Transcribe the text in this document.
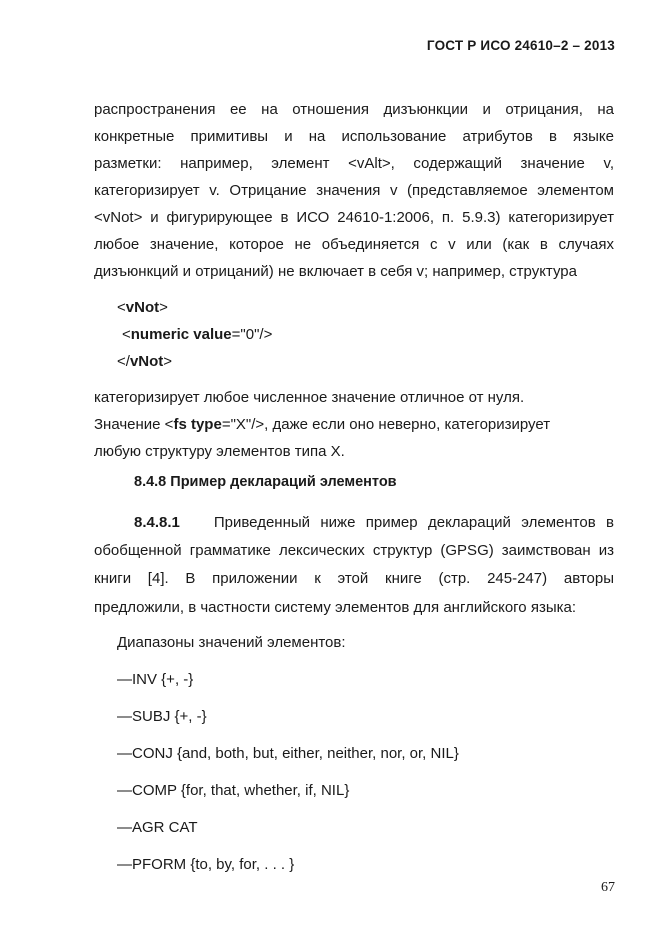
ГОСТ Р ИСО 24610–2 – 2013
распространения ее на отношения дизъюнкции и отрицания, на
конкретные примитивы и на использование атрибутов в языке
разметки: например, элемент <vAlt>, содержащий значение v,
категоризирует v. Отрицание значения v (представляемое элементом
<vNot> и фигурирующее в ИСО 24610-1:2006, п. 5.9.3) категоризирует
любое значение, которое не объединяется с v или (как в случаях
дизъюнкций и отрицаний) не включает в себя v; например, структура
<vNot>
<numeric value="0"/>
</vNot>
категоризирует любое численное значение отличное от нуля.
Значение <fs type="X"/>, даже если оно неверно, категоризирует
любую структуру элементов типа X.
8.4.8 Пример деклараций элементов
8.4.8.1 Приведенный ниже пример деклараций элементов в
обобщенной грамматике лексических структур (GPSG) заимствован из
книги [4]. В приложении к этой книге (стр. 245-247) авторы
предложили, в частности систему элементов для английского языка:
Диапазоны значений элементов:
—INV {+, -}
—SUBJ {+, -}
—CONJ {and, both, but, either, neither, nor, or, NIL}
—COMP {for, that, whether, if, NIL}
—AGR CAT
—PFORM {to, by, for, . . . }
67
